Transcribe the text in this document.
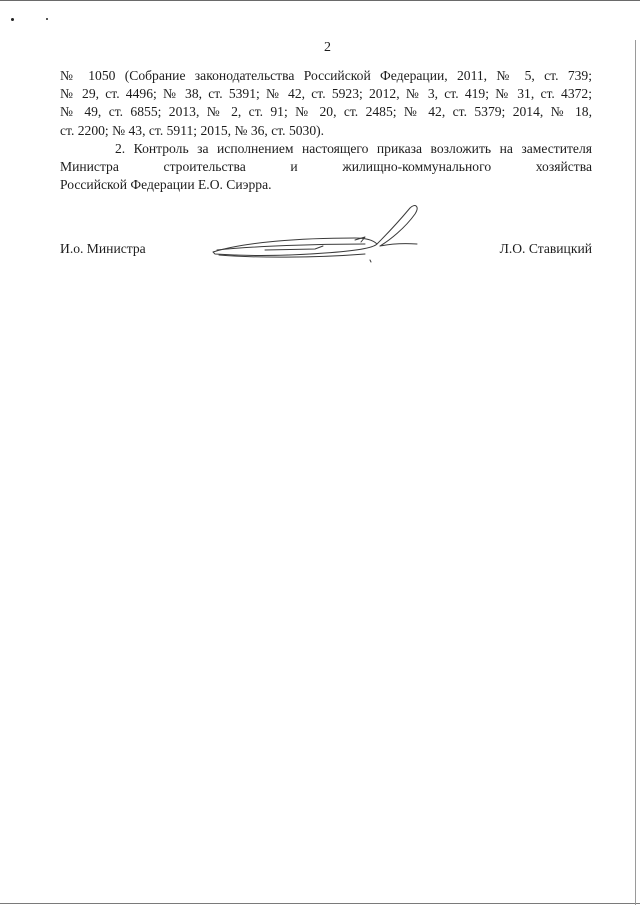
2
№ 1050 (Собрание законодательства Российской Федерации, 2011, № 5, ст. 739;
№ 29, ст. 4496; № 38, ст. 5391; № 42, ст. 5923; 2012, № 3, ст. 419; № 31, ст. 4372;
№ 49, ст. 6855; 2013, № 2, ст. 91; № 20, ст. 2485; № 42, ст. 5379; 2014, № 18,
ст. 2200; № 43, ст. 5911; 2015, № 36, ст. 5030).
2. Контроль за исполнением настоящего приказа возложить на заместителя
Министра строительства и жилищно-коммунального хозяйства
Российской Федерации Е.О. Сиэрра.
И.о. Министра	Л.О. Ставицкий
